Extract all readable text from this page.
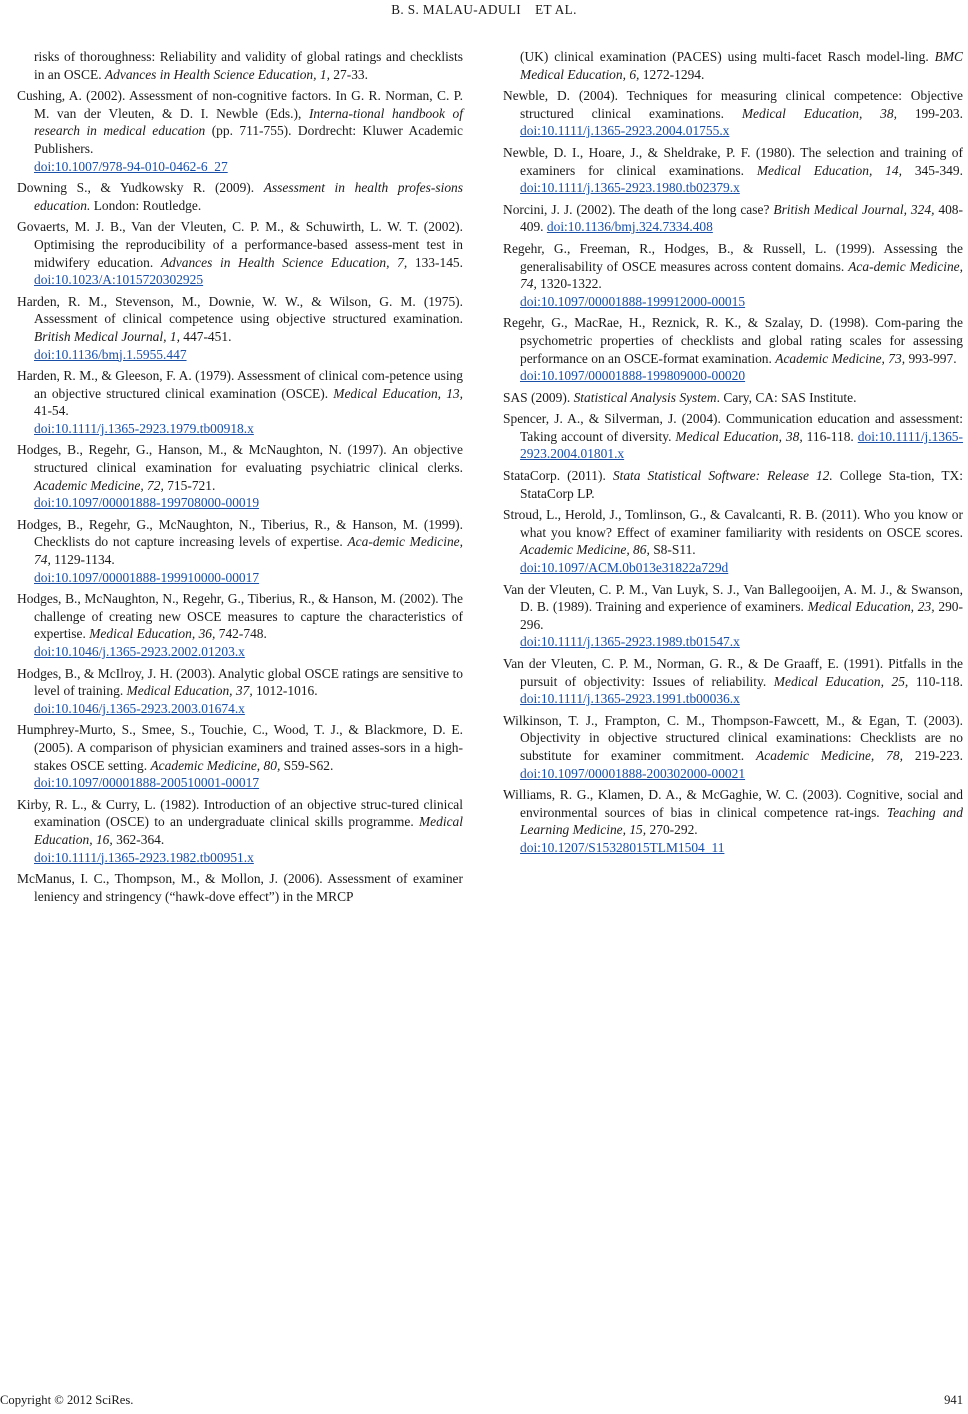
B. S. MALAU-ADULI ET AL.

risks of thoroughness: Reliability and validity of global ratings and checklists in an OSCE. Advances in Health Science Education, 1, 27-33.

Cushing, A. (2002). Assessment of non-cognitive factors. In G. R. Norman, C. P. M. van der Vleuten, & D. I. Newble (Eds.), Interna-tional handbook of research in medical education (pp. 711-755). Dordrecht: Kluwer Academic Publishers.
doi:10.1007/978-94-010-0462-6_27

Downing S., & Yudkowsky R. (2009). Assessment in health profes-sions education. London: Routledge.

Govaerts, M. J. B., Van der Vleuten, C. P. M., & Schuwirth, L. W. T. (2002). Optimising the reproducibility of a performance-based assess-ment test in midwifery education. Advances in Health Science Education, 7, 133-145. doi:10.1023/A:1015720302925

Harden, R. M., Stevenson, M., Downie, W. W., & Wilson, G. M. (1975). Assessment of clinical competence using objective structured examination. British Medical Journal, 1, 447-451.
doi:10.1136/bmj.1.5955.447

Harden, R. M., & Gleeson, F. A. (1979). Assessment of clinical com-petence using an objective structured clinical examination (OSCE). Medical Education, 13, 41-54.
doi:10.1111/j.1365-2923.1979.tb00918.x

Hodges, B., Regehr, G., Hanson, M., & McNaughton, N. (1997). An objective structured clinical examination for evaluating psychiatric clinical clerks. Academic Medicine, 72, 715-721.
doi:10.1097/00001888-199708000-00019

Hodges, B., Regehr, G., McNaughton, N., Tiberius, R., & Hanson, M. (1999). Checklists do not capture increasing levels of expertise. Aca-demic Medicine, 74, 1129-1134.
doi:10.1097/00001888-199910000-00017

Hodges, B., McNaughton, N., Regehr, G., Tiberius, R., & Hanson, M. (2002). The challenge of creating new OSCE measures to capture the characteristics of expertise. Medical Education, 36, 742-748.
doi:10.1046/j.1365-2923.2002.01203.x

Hodges, B., & McIlroy, J. H. (2003). Analytic global OSCE ratings are sensitive to level of training. Medical Education, 37, 1012-1016.
doi:10.1046/j.1365-2923.2003.01674.x

Humphrey-Murto, S., Smee, S., Touchie, C., Wood, T. J., & Blackmore, D. E. (2005). A comparison of physician examiners and trained asses-sors in a high-stakes OSCE setting. Academic Medicine, 80, S59-S62.
doi:10.1097/00001888-200510001-00017

Kirby, R. L., & Curry, L. (1982). Introduction of an objective struc-tured clinical examination (OSCE) to an undergraduate clinical skills programme. Medical Education, 16, 362-364.
doi:10.1111/j.1365-2923.1982.tb00951.x

McManus, I. C., Thompson, M., & Mollon, J. (2006). Assessment of examiner leniency and stringency (“hawk-dove effect”) in the MRCP

(UK) clinical examination (PACES) using multi-facet Rasch model-ling. BMC Medical Education, 6, 1272-1294.

Newble, D. (2004). Techniques for measuring clinical competence: Objective structured clinical examinations. Medical Education, 38, 199-203. doi:10.1111/j.1365-2923.2004.01755.x

Newble, D. I., Hoare, J., & Sheldrake, P. F. (1980). The selection and training of examiners for clinical examinations. Medical Education, 14, 345-349. doi:10.1111/j.1365-2923.1980.tb02379.x

Norcini, J. J. (2002). The death of the long case? British Medical Journal, 324, 408-409. doi:10.1136/bmj.324.7334.408

Regehr, G., Freeman, R., Hodges, B., & Russell, L. (1999). Assessing the generalisability of OSCE measures across content domains. Aca-demic Medicine, 74, 1320-1322.
doi:10.1097/00001888-199912000-00015

Regehr, G., MacRae, H., Reznick, R. K., & Szalay, D. (1998). Com-paring the psychometric properties of checklists and global rating scales for assessing performance on an OSCE-format examination. Academic Medicine, 73, 993-997.
doi:10.1097/00001888-199809000-00020

SAS (2009). Statistical Analysis System. Cary, CA: SAS Institute.

Spencer, J. A., & Silverman, J. (2004). Communication education and assessment: Taking account of diversity. Medical Education, 38, 116-118. doi:10.1111/j.1365-2923.2004.01801.x

StataCorp. (2011). Stata Statistical Software: Release 12. College Sta-tion, TX: StataCorp LP.

Stroud, L., Herold, J., Tomlinson, G., & Cavalcanti, R. B. (2011). Who you know or what you know? Effect of examiner familiarity with residents on OSCE scores. Academic Medicine, 86, S8-S11.
doi:10.1097/ACM.0b013e31822a729d

Van der Vleuten, C. P. M., Van Luyk, S. J., Van Ballegooijen, A. M. J., & Swanson, D. B. (1989). Training and experience of examiners. Medical Education, 23, 290-296.
doi:10.1111/j.1365-2923.1989.tb01547.x

Van der Vleuten, C. P. M., Norman, G. R., & De Graaff, E. (1991). Pitfalls in the pursuit of objectivity: Issues of reliability. Medical Education, 25, 110-118. doi:10.1111/j.1365-2923.1991.tb00036.x

Wilkinson, T. J., Frampton, C. M., Thompson-Fawcett, M., & Egan, T. (2003). Objectivity in objective structured clinical examinations: Checklists are no substitute for examiner commitment. Academic Medicine, 78, 219-223. doi:10.1097/00001888-200302000-00021

Williams, R. G., Klamen, D. A., & McGaghie, W. C. (2003). Cognitive, social and environmental sources of bias in clinical competence rat-ings. Teaching and Learning Medicine, 15, 270-292.
doi:10.1207/S15328015TLM1504_11

Copyright © 2012 SciRes.	941
